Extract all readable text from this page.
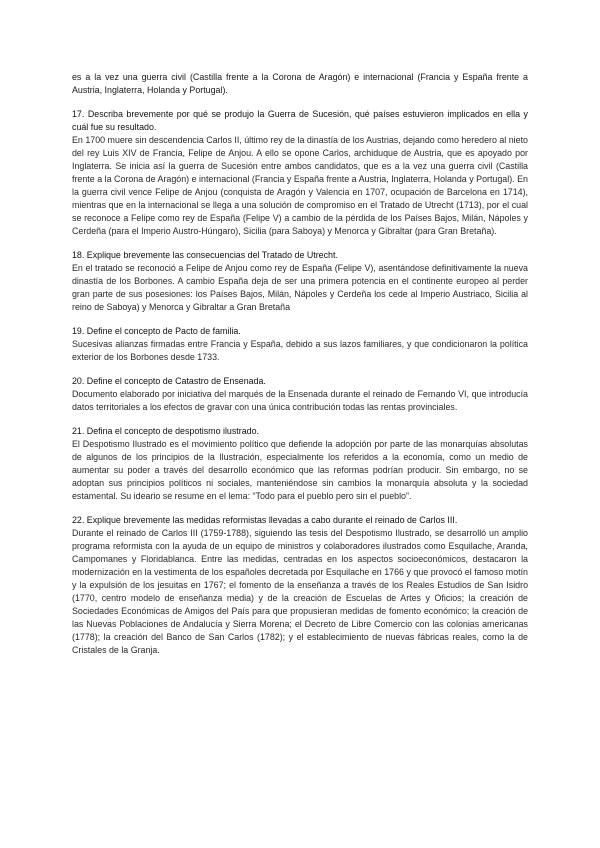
es a la vez una guerra civil (Castilla frente a la Corona de Aragón) e internacional (Francia y España frente a Austria, Inglaterra, Holanda y Portugal).

17. Describa brevemente por qué se produjo la Guerra de Sucesión, qué países estuvieron implicados en ella y cuál fue su resultado.

En 1700 muere sin descendencia Carlos II, último rey de la dinastía de los Austrias, dejando como heredero al nieto del rey Luis XIV de Francia, Felipe de Anjou. A ello se opone Carlos, archiduque de Austria, que es apoyado por Inglaterra. Se inicia así la guerra de Sucesión entre ambos candidatos, que es a la vez una guerra civil (Castilla frente a la Corona de Aragón) e internacional (Francia y España frente a Austria, Inglaterra, Holanda y Portugal). En la guerra civil vence Felipe de Anjou (conquista de Aragón y Valencia en 1707, ocupación de Barcelona en 1714), mientras que en la internacional se llega a una solución de compromiso en el Tratado de Utrecht (1713), por el cual se reconoce a Felipe como rey de España (Felipe V) a cambio de la pérdida de los Países Bajos, Milán, Nápoles y Cerdeña (para el Imperio Austro-Húngaro), Sicilia (para Saboya) y Menorca y Gibraltar (para Gran Bretaña).

18. Explique brevemente las consecuencias del Tratado de Utrecht.

En el tratado se reconoció a Felipe de Anjou como rey de España (Felipe V), asentándose definitivamente la nueva dinastía de los Borbones. A cambio España deja de ser una primera potencia en el continente europeo al perder gran parte de sus posesiones: los Países Bajos, Milán, Nápoles y Cerdeña los cede al Imperio Austriaco, Sicilia al reino de Saboya) y Menorca y Gibraltar a Gran Bretaña

19. Define el concepto de Pacto de familia.

Sucesivas alianzas firmadas entre Francia y España, debido a sus lazos familiares, y que condicionaron la política exterior de los Borbones desde 1733.

20. Define el concepto de Catastro de Ensenada.

Documento elaborado por iniciativa del marqués de la Ensenada durante el reinado de Fernando VI, que introducía datos territoriales a los efectos de gravar con una única contribución todas las rentas provinciales.

21. Defina el concepto de despotismo ilustrado.

El Despotismo Ilustrado es el movimiento político que defiende la adopción por parte de las monarquías absolutas de algunos de los principios de la Ilustración, especialmente los referidos a la economía, como un medio de aumentar su poder a través del desarrollo económico que las reformas podrían producir. Sin embargo, no se adoptan sus principios políticos ni sociales, manteniéndose sin cambios la monarquía absoluta y la sociedad estamental. Su ideario se resume en el lema: “Todo para el pueblo pero sin el pueblo”.

22. Explique brevemente las medidas reformistas llevadas a cabo durante el reinado de Carlos III.

Durante el reinado de Carlos III (1759-1788), siguiendo las tesis del Despotismo Ilustrado, se desarrolló un amplio programa reformista con la ayuda de un equipo de ministros y colaboradores ilustrados como Esquilache, Aranda, Campomanes y Floridablanca. Entre las medidas, centradas en los aspectos socioeconómicos, destacaron la modernización en la vestimenta de los españoles decretada por Esquilache en 1766 y que provocó el famoso motín y la expulsión de los jesuitas en 1767; el fomento de la enseñanza a través de los Reales Estudios de San Isidro (1770, centro modelo de enseñanza media) y de la creación de Escuelas de Artes y Oficios; la creación de Sociedades Económicas de Amigos del País para que propusieran medidas de fomento económico; la creación de las Nuevas Poblaciones de Andalucía y Sierra Morena; el Decreto de Libre Comercio con las colonias americanas (1778); la creación del Banco de San Carlos (1782); y el establecimiento de nuevas fábricas reales, como la de Cristales de la Granja.
